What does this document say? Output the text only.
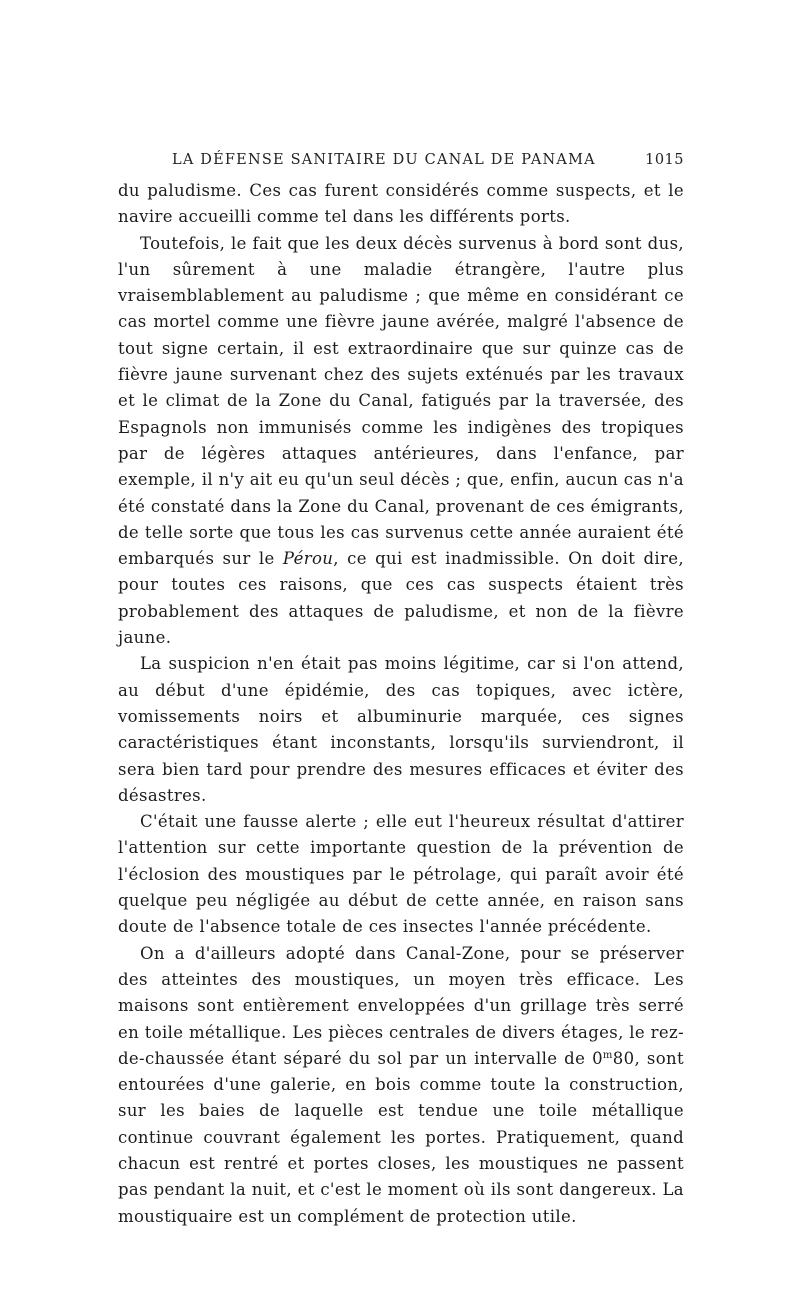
LA DÉFENSE SANITAIRE DU CANAL DE PANAMA	1015

du paludisme. Ces cas furent considérés comme suspects, et le navire accueilli comme tel dans les différents ports.

Toutefois, le fait que les deux décès survenus à bord sont dus, l'un sûrement à une maladie étrangère, l'autre plus vraisemblablement au paludisme ; que même en considérant ce cas mortel comme une fièvre jaune avérée, malgré l'absence de tout signe certain, il est extraordinaire que sur quinze cas de fièvre jaune survenant chez des sujets exténués par les travaux et le climat de la Zone du Canal, fatigués par la traversée, des Espagnols non immunisés comme les indigènes des tropiques par de légères attaques antérieures, dans l'enfance, par exemple, il n'y ait eu qu'un seul décès ; que, enfin, aucun cas n'a été constaté dans la Zone du Canal, provenant de ces émigrants, de telle sorte que tous les cas survenus cette année auraient été embarqués sur le Pérou, ce qui est inadmissible. On doit dire, pour toutes ces raisons, que ces cas suspects étaient très probablement des attaques de paludisme, et non de la fièvre jaune.

La suspicion n'en était pas moins légitime, car si l'on attend, au début d'une épidémie, des cas topiques, avec ictère, vomissements noirs et albuminurie marquée, ces signes caractéristiques étant inconstants, lorsqu'ils surviendront, il sera bien tard pour prendre des mesures efficaces et éviter des désastres.

C'était une fausse alerte ; elle eut l'heureux résultat d'attirer l'attention sur cette importante question de la prévention de l'éclosion des moustiques par le pétrolage, qui paraît avoir été quelque peu négligée au début de cette année, en raison sans doute de l'absence totale de ces insectes l'année précédente.

On a d'ailleurs adopté dans Canal-Zone, pour se préserver des atteintes des moustiques, un moyen très efficace. Les maisons sont entièrement enveloppées d'un grillage très serré en toile métallique. Les pièces centrales de divers étages, le rez-de-chaussée étant séparé du sol par un intervalle de 0$^m$80, sont entourées d'une galerie, en bois comme toute la construction, sur les baies de laquelle est tendue une toile métallique continue couvrant également les portes. Pratiquement, quand chacun est rentré et portes closes, les moustiques ne passent pas pendant la nuit, et c'est le moment où ils sont dangereux. La moustiquaire est un complément de protection utile.
